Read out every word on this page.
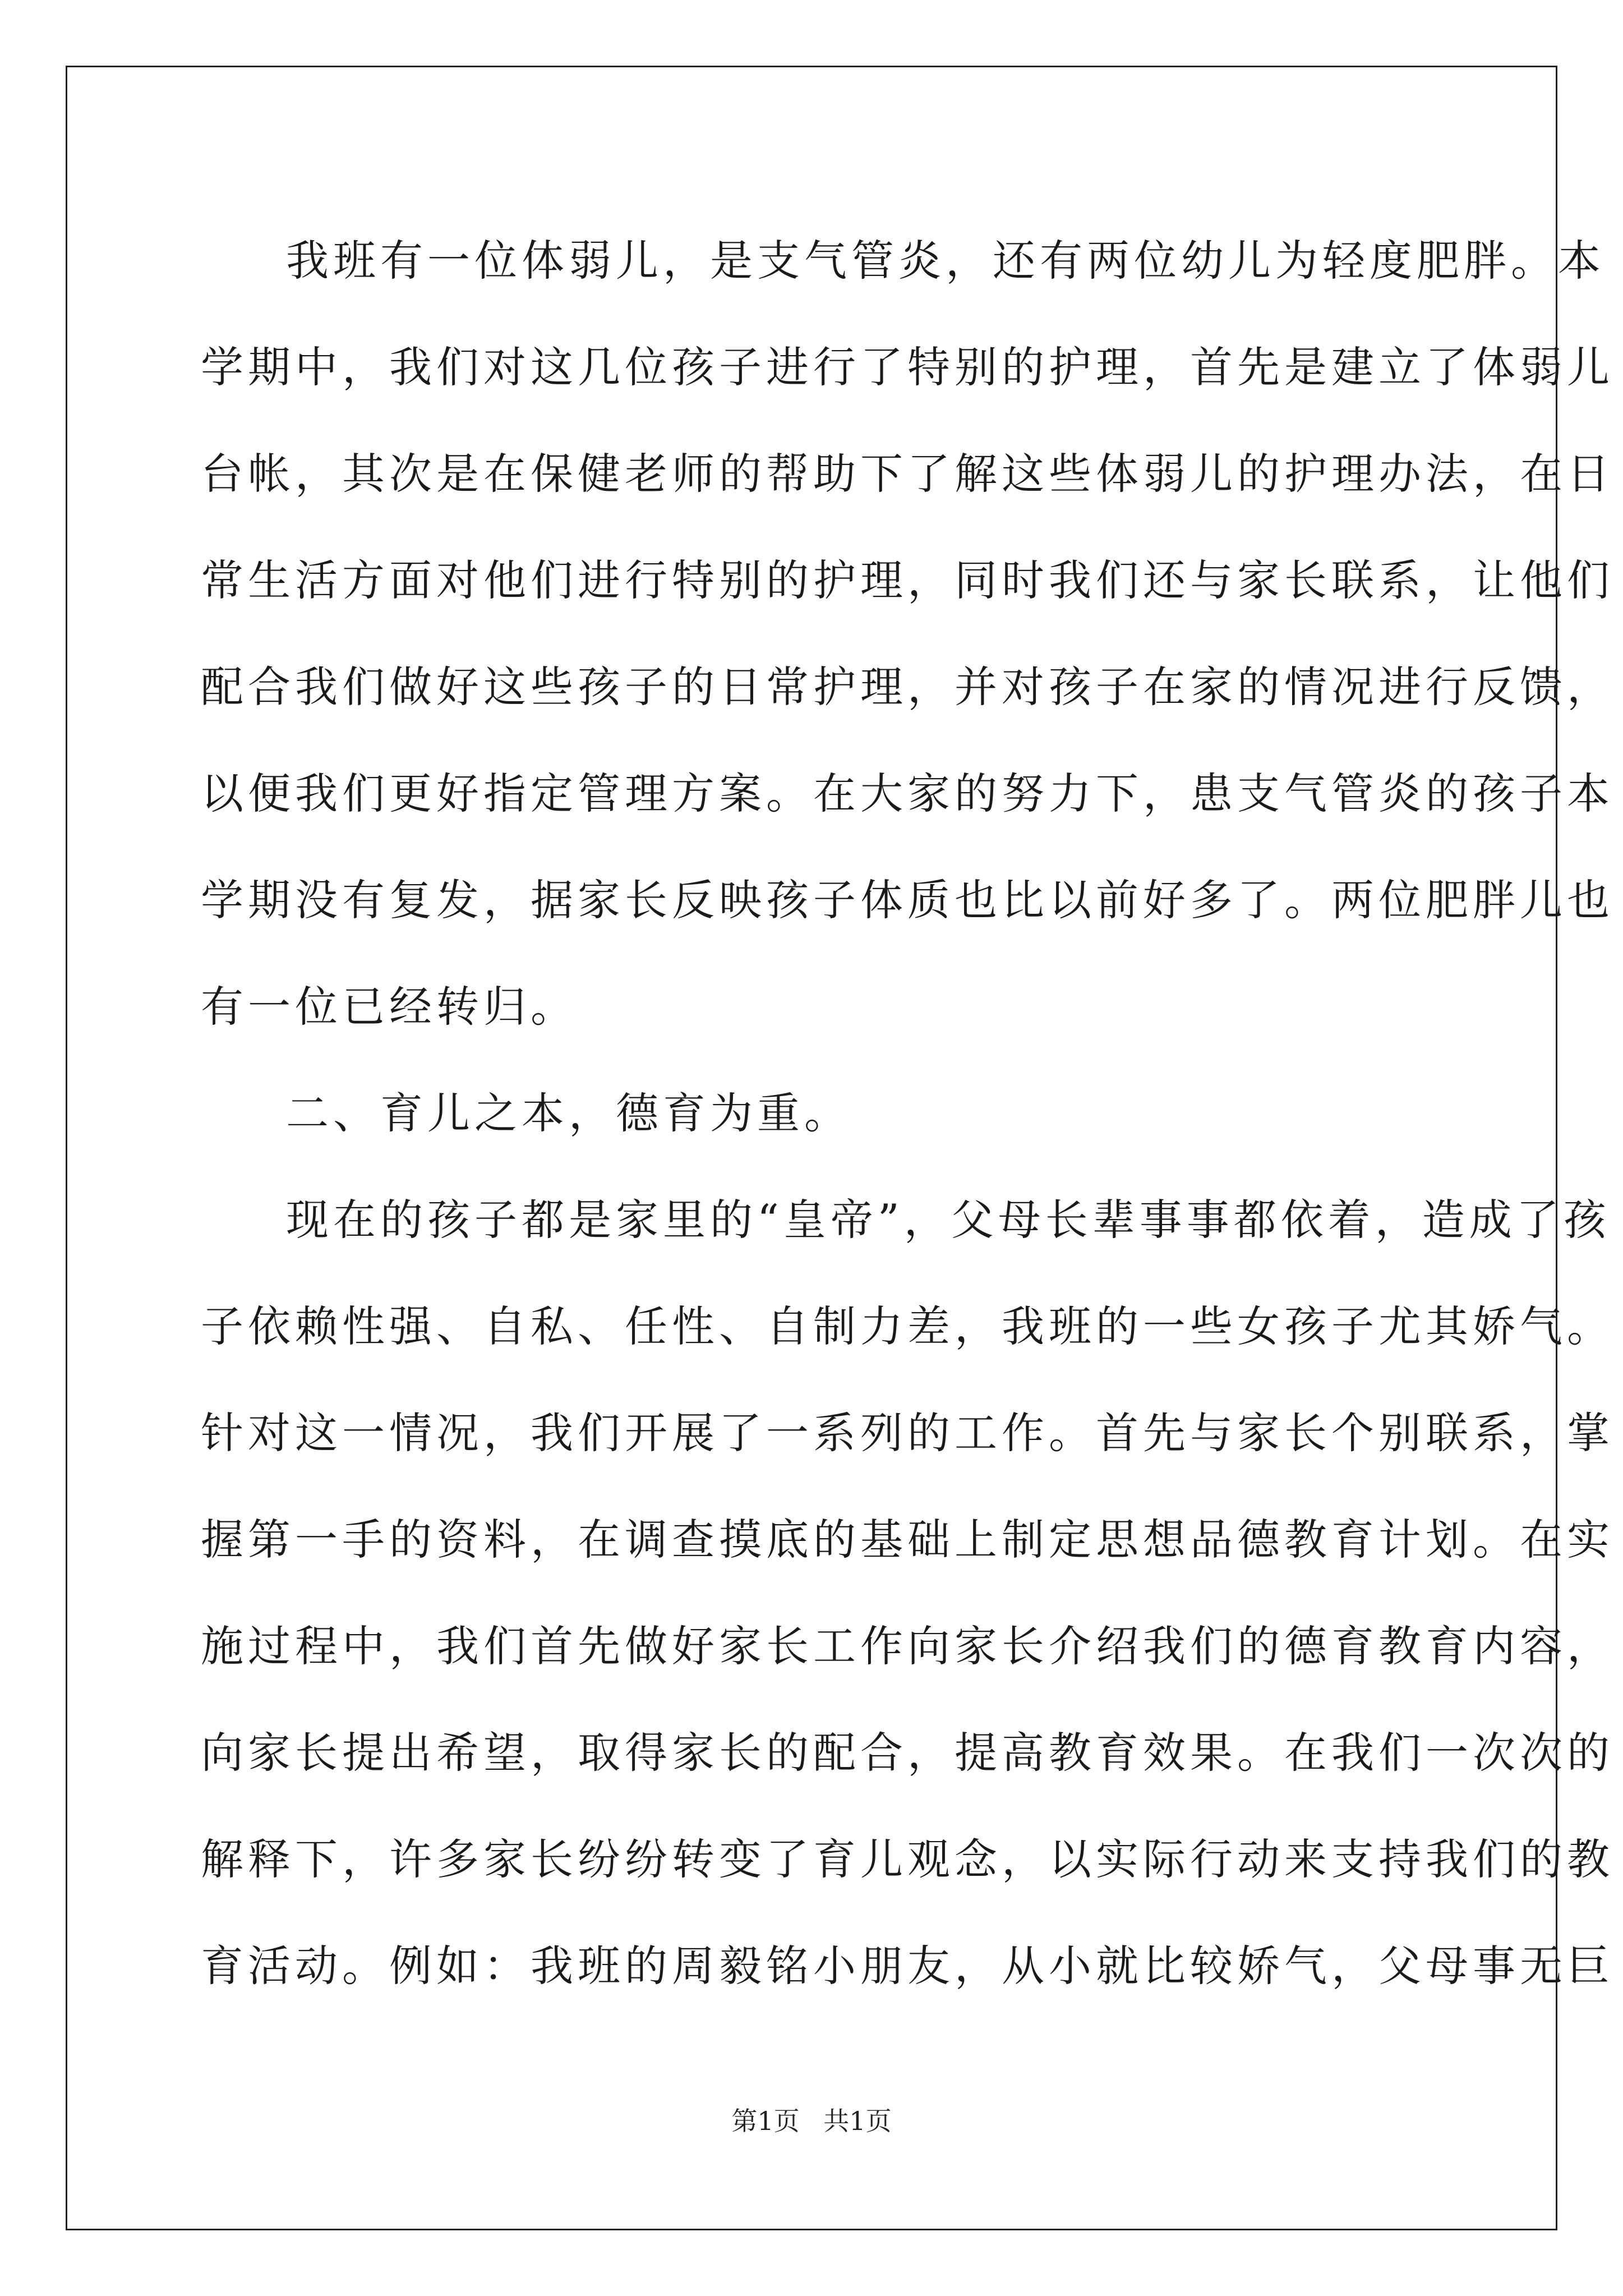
我班有一位体弱儿，是支气管炎，还有两位幼儿为轻度肥胖。本
学期中，我们对这几位孩子进行了特别的护理，首先是建立了体弱儿
台帐，其次是在保健老师的帮助下了解这些体弱儿的护理办法，在日
常生活方面对他们进行特别的护理，同时我们还与家长联系，让他们
配合我们做好这些孩子的日常护理，并对孩子在家的情况进行反馈，
以便我们更好指定管理方案。在大家的努力下，患支气管炎的孩子本
学期没有复发，据家长反映孩子体质也比以前好多了。两位肥胖儿也
有一位已经转归。
二、育儿之本，德育为重。
现在的孩子都是家里的“皇帝”，父母长辈事事都依着，造成了孩
子依赖性强、自私、任性、自制力差，我班的一些女孩子尤其娇气。
针对这一情况，我们开展了一系列的工作。首先与家长个别联系，掌
握第一手的资料，在调查摸底的基础上制定思想品德教育计划。在实
施过程中，我们首先做好家长工作向家长介绍我们的德育教育内容，
向家长提出希望，取得家长的配合，提高教育效果。在我们一次次的
解释下，许多家长纷纷转变了育儿观念，以实际行动来支持我们的教
育活动。例如：我班的周毅铭小朋友，从小就比较娇气，父母事无巨
第1页 共1页
